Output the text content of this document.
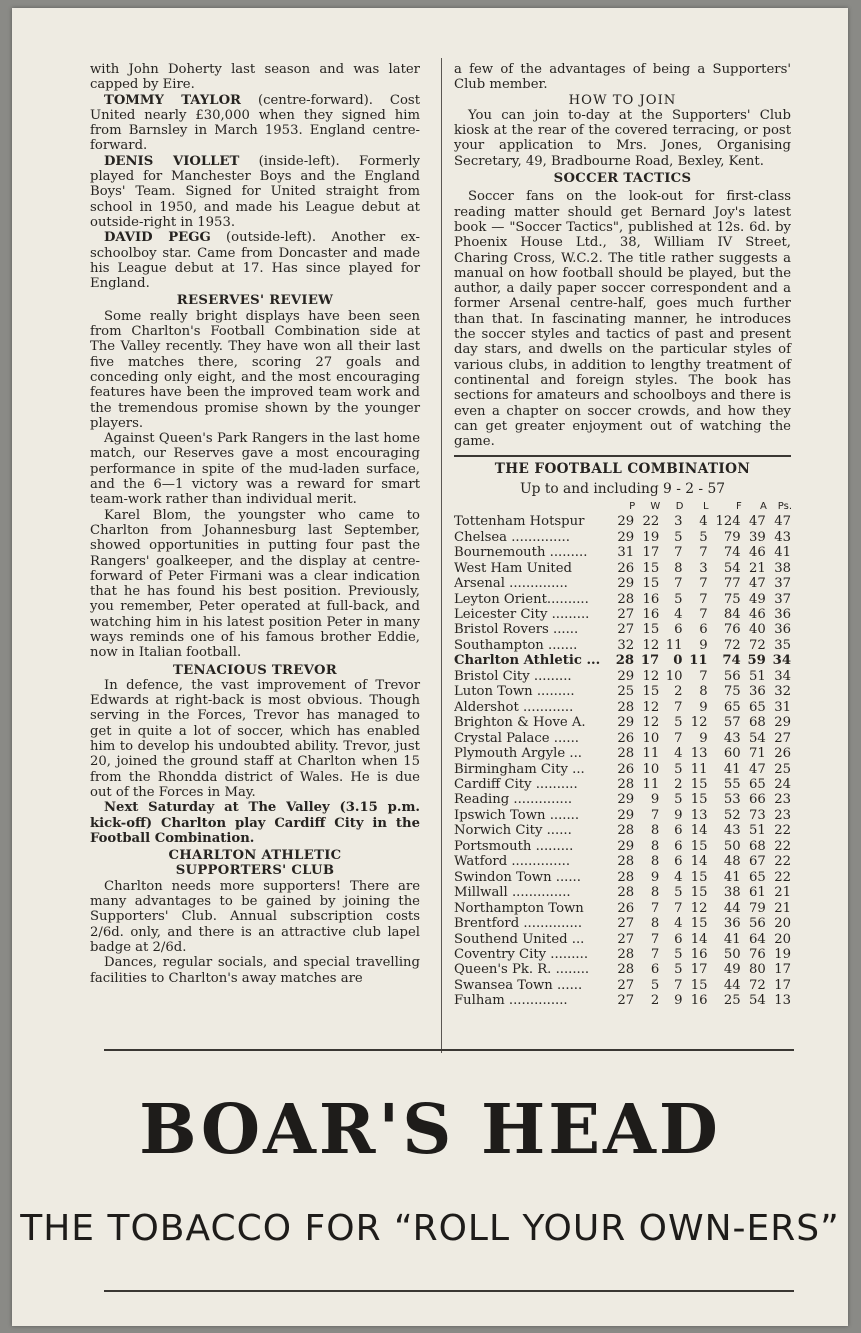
with John Doherty last season and was later capped by Eire.

TOMMY TAYLOR (centre-forward). Cost United nearly £30,000 when they signed him from Barnsley in March 1953. England centre-forward.

DENIS VIOLLET (inside-left). Formerly played for Manchester Boys and the England Boys' Team. Signed for United straight from school in 1950, and made his League debut at outside-right in 1953.

DAVID PEGG (outside-left). Another ex-schoolboy star. Came from Doncaster and made his League debut at 17. Has since played for England.

RESERVES' REVIEW

Some really bright displays have been seen from Charlton's Football Combination side at The Valley recently. They have won all their last five matches there, scoring 27 goals and conceding only eight, and the most encouraging features have been the improved team work and the tremendous promise shown by the younger players.

Against Queen's Park Rangers in the last home match, our Reserves gave a most encouraging performance in spite of the mud-laden surface, and the 6—1 victory was a reward for smart team-work rather than individual merit.

Karel Blom, the youngster who came to Charlton from Johannesburg last September, showed opportunities in putting four past the Rangers' goalkeeper, and the display at centre-forward of Peter Firmani was a clear indication that he has found his best position. Previously, you remember, Peter operated at full-back, and watching him in his latest position Peter in many ways reminds one of his famous brother Eddie, now in Italian football.

TENACIOUS TREVOR

In defence, the vast improvement of Trevor Edwards at right-back is most obvious. Though serving in the Forces, Trevor has managed to get in quite a lot of soccer, which has enabled him to develop his undoubted ability. Trevor, just 20, joined the ground staff at Charlton when 15 from the Rhondda district of Wales. He is due out of the Forces in May.

Next Saturday at The Valley (3.15 p.m. kick-off) Charlton play Cardiff City in the Football Combination.

CHARLTON ATHLETIC
SUPPORTERS' CLUB

Charlton needs more supporters! There are many advantages to be gained by joining the Supporters' Club. Annual subscription costs 2/6d. only, and there is an attractive club lapel badge at 2/6d.

Dances, regular socials, and special travelling facilities to Charlton's away matches are

a few of the advantages of being a Supporters' Club member.

HOW TO JOIN

You can join to-day at the Supporters' Club kiosk at the rear of the covered terracing, or post your application to Mrs. Jones, Organising Secretary, 49, Bradbourne Road, Bexley, Kent.

SOCCER TACTICS

Soccer fans on the look-out for first-class reading matter should get Bernard Joy's latest book — "Soccer Tactics", published at 12s. 6d. by Phoenix House Ltd., 38, William IV Street, Charing Cross, W.C.2. The title rather suggests a manual on how football should be played, but the author, a daily paper soccer correspondent and a former Arsenal centre-half, goes much further than that. In fascinating manner, he introduces the soccer styles and tactics of past and present day stars, and dwells on the particular styles of various clubs, in addition to lengthy treatment of continental and foreign styles. The book has sections for amateurs and schoolboys and there is even a chapter on soccer crowds, and how they can get greater enjoyment out of watching the game.

THE FOOTBALL COMBINATION
Up to and including 9 - 2 - 57
	P	W	D	L	F	A	Ps.
Tottenham Hotspur	29	22	3	4	124	47	47
Chelsea ..............	29	19	5	5	79	39	43
Bournemouth .........	31	17	7	7	74	46	41
West Ham United	26	15	8	3	54	21	38
Arsenal ..............	29	15	7	7	77	47	37
Leyton Orient..........	28	16	5	7	75	49	37
Leicester City .........	27	16	4	7	84	46	36
Bristol Rovers ......	27	15	6	6	76	40	36
Southampton .......	32	12	11	9	72	72	35
Charlton Athletic ...	28	17	0	11	74	59	34
Bristol City .........	29	12	10	7	56	51	34
Luton Town .........	25	15	2	8	75	36	32
Aldershot ............	28	12	7	9	65	65	31
Brighton & Hove A.	29	12	5	12	57	68	29
Crystal Palace ......	26	10	7	9	43	54	27
Plymouth Argyle ...	28	11	4	13	60	71	26
Birmingham City ...	26	10	5	11	41	47	25
Cardiff City ..........	28	11	2	15	55	65	24
Reading ..............	29	9	5	15	53	66	23
Ipswich Town .......	29	7	9	13	52	73	23
Norwich City ......	28	8	6	14	43	51	22
Portsmouth .........	29	8	6	15	50	68	22
Watford ..............	28	8	6	14	48	67	22
Swindon Town ......	28	9	4	15	41	65	22
Millwall ..............	28	8	5	15	38	61	21
Northampton Town	26	7	7	12	44	79	21
Brentford ..............	27	8	4	15	36	56	20
Southend United ...	27	7	6	14	41	64	20
Coventry City .........	28	7	5	16	50	76	19
Queen's Pk. R. ........	28	6	5	17	49	80	17
Swansea Town ......	27	5	7	15	44	72	17
Fulham ..............	27	2	9	16	25	54	13
BOAR'S HEAD
THE TOBACCO FOR “ROLL YOUR OWN-ERS”
